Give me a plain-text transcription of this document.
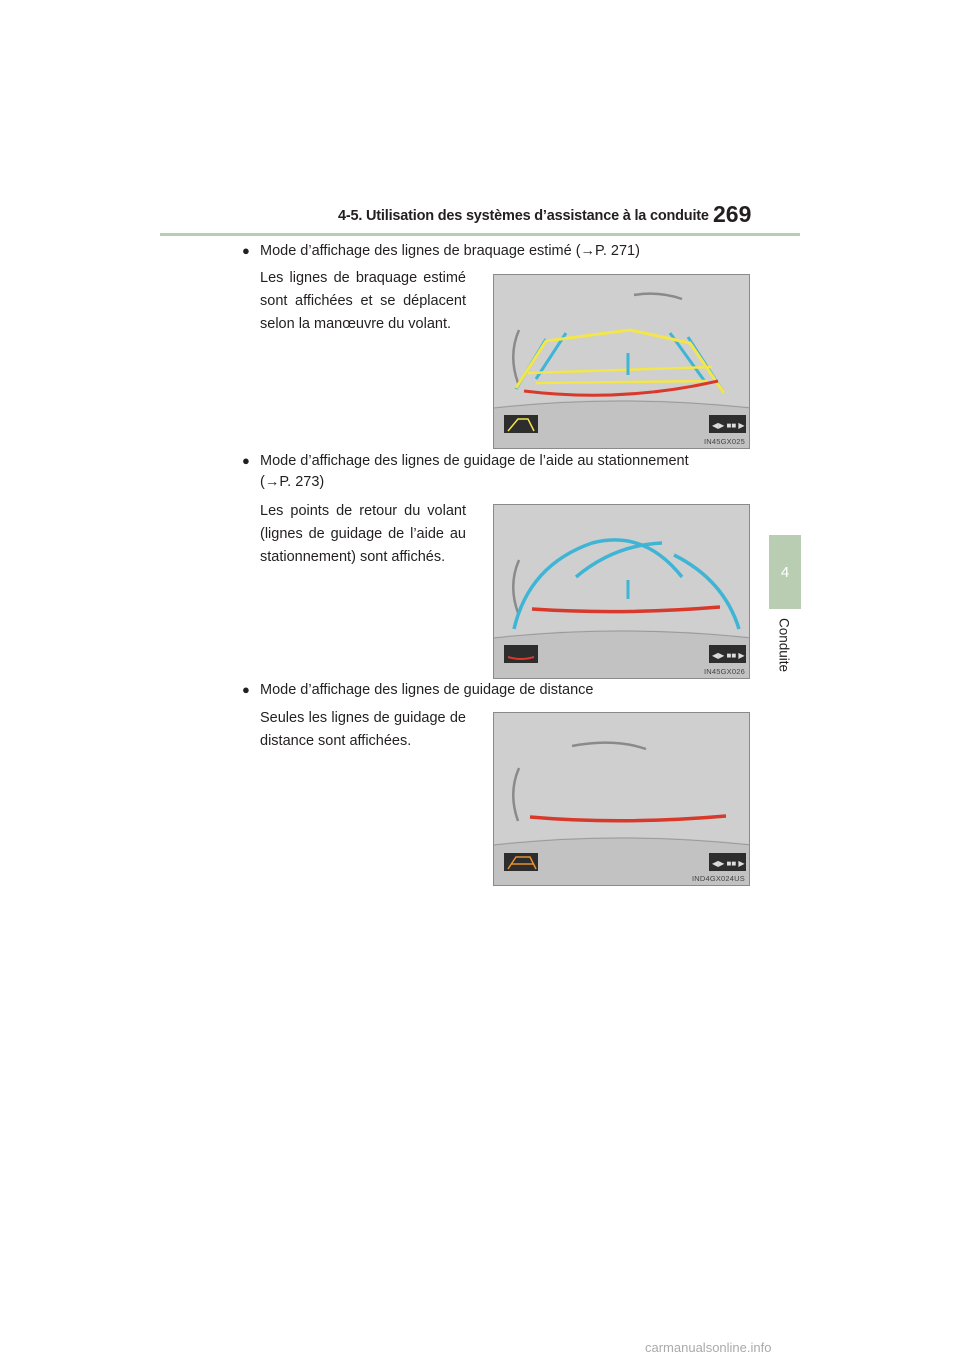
4-5. Utilisation des systèmes d’assistance à la conduite 269
4
Conduite
● Mode d’affichage des lignes de braquage estimé (→P. 271)
Les lignes de braquage estimé sont affichées et se déplacent selon la manœuvre du volant.
◀▶ ■■ ▶
IN45GX025
● Mode d’affichage des lignes de guidage de l’aide au stationnement
(→P. 273)
Les points de retour du volant (lignes de guidage de l’aide au stationnement) sont affichés.
◀▶ ■■ ▶
IN45GX026
● Mode d’affichage des lignes de guidage de distance
Seules les lignes de guidage de distance sont affichées.
◀▶ ■■ ▶
IND4GX024US
carmanualsonline.info
